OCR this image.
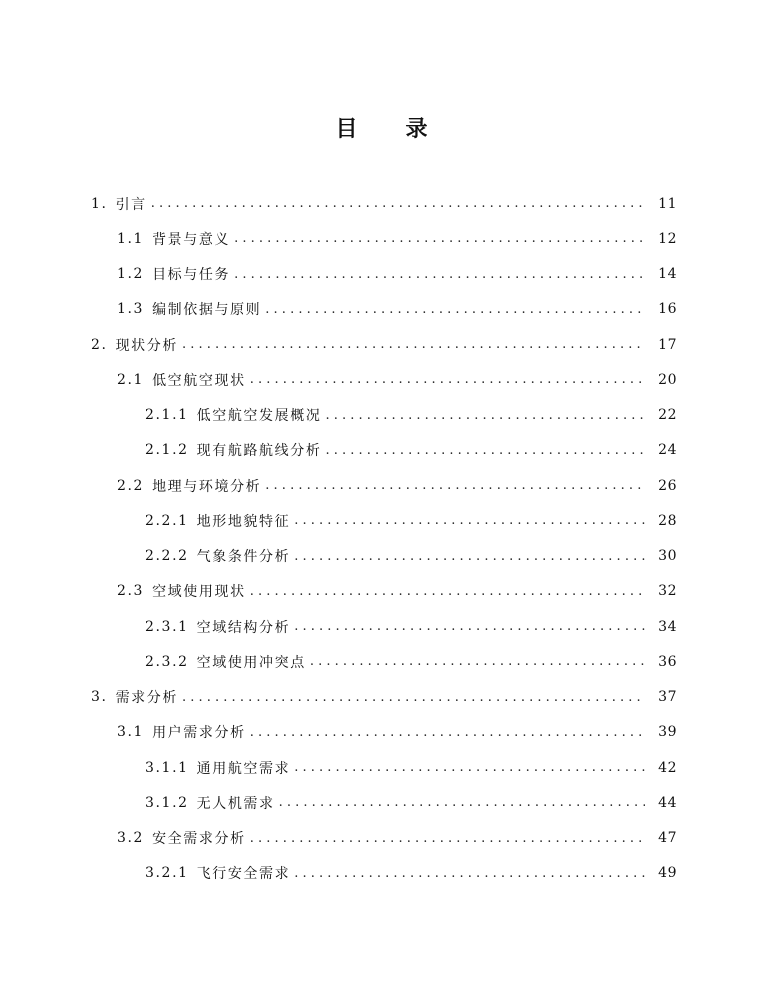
目 录
1. 引言 . . .	11
1.1 背景与意义 . . .	12
1.2 目标与任务 . . .	14
1.3 编制依据与原则 . . .	16
2. 现状分析 . . .	17
2.1 低空航空现状 . . .	20
2.1.1 低空航空发展概况 . . .	22
2.1.2 现有航路航线分析 . . .	24
2.2 地理与环境分析 . . .	26
2.2.1 地形地貌特征 . . .	28
2.2.2 气象条件分析 . . .	30
2.3 空域使用现状 . . .	32
2.3.1 空域结构分析 . . .	34
2.3.2 空域使用冲突点 . . .	36
3. 需求分析 . . .	37
3.1 用户需求分析 . . .	39
3.1.1 通用航空需求 . . .	42
3.1.2 无人机需求 . . .	44
3.2 安全需求分析 . . .	47
3.2.1 飞行安全需求 . . .	49
